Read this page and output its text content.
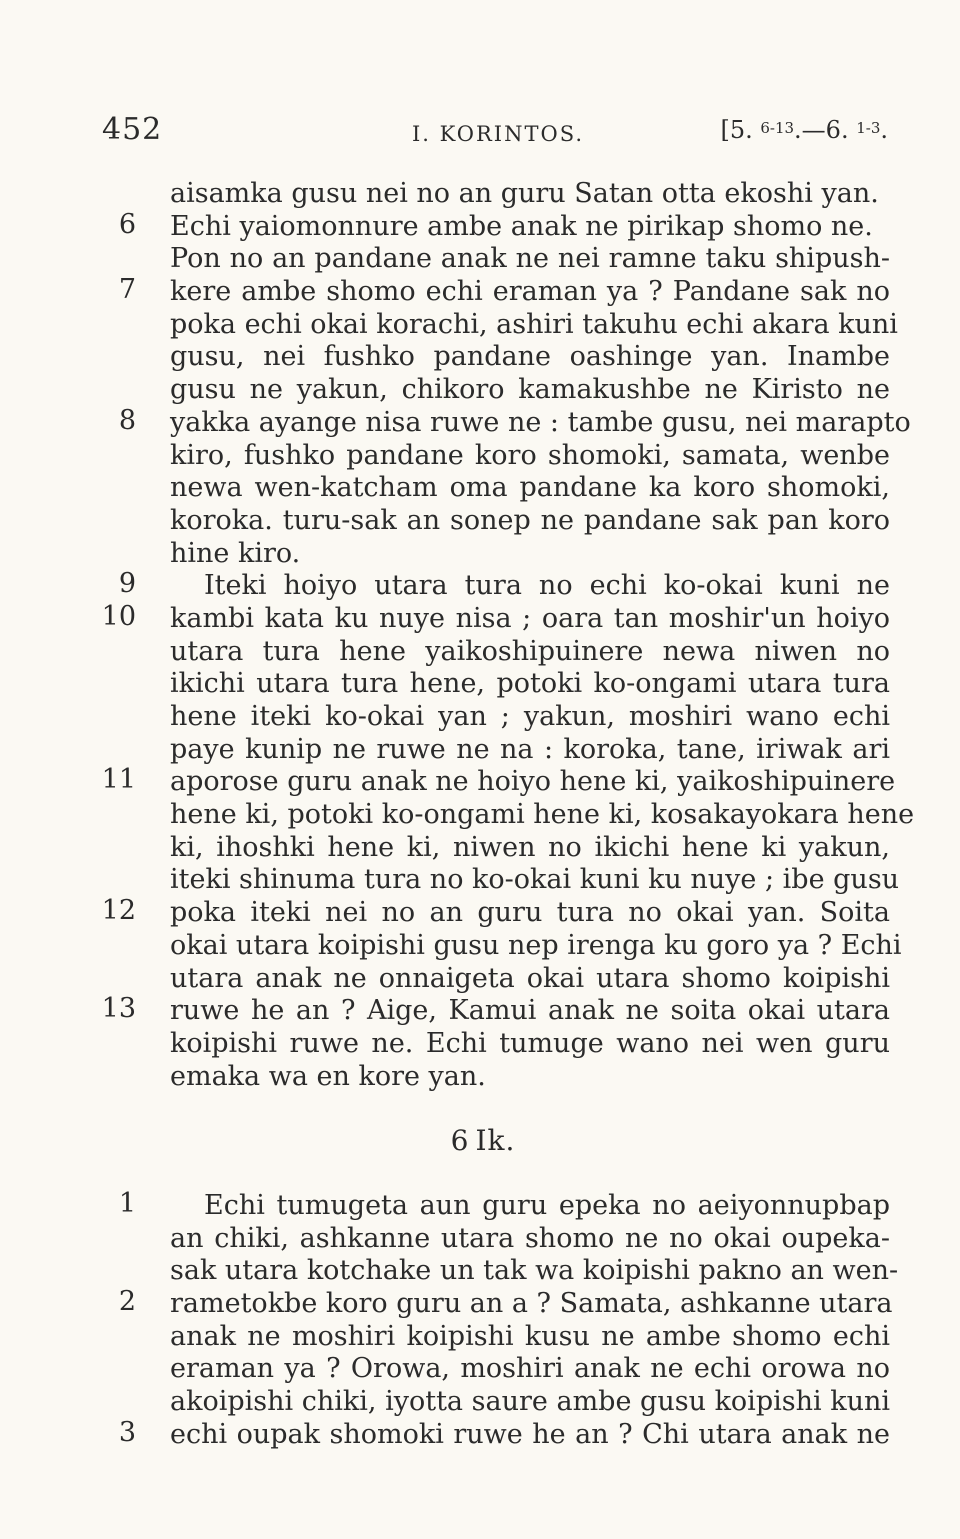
452	I. KORINTOS.	[5. $^{6-13}$.—6. $^{1-3}$.
aisamka gusu nei no an guru Satan otta ekoshi yan.
6 Echi yaiomonnure ambe anak ne pirikap shomo ne.
Pon no an pandane anak ne nei ramne taku shipush-
7 kere ambe shomo echi eraman ya ? Pandane sak no
poka echi okai korachi, ashiri takuhu echi akara kuni
gusu, nei fushko pandane oashinge yan. Inambe
gusu ne yakun, chikoro kamakushbe ne Kiristo ne
8 yakka ayange nisa ruwe ne : tambe gusu, nei marapto
kiro, fushko pandane koro shomoki, samata, wenbe
newa wen-katcham oma pandane ka koro shomoki,
koroka. turu-sak an sonep ne pandane sak pan koro
hine kiro.
9	Iteki hoiyo utara tura no echi ko-okai kuni ne
10 kambi kata ku nuye nisa ; oara tan moshir'un hoiyo
utara tura hene yaikoshipuinere newa niwen no
ikichi utara tura hene, potoki ko-ongami utara tura
hene iteki ko-okai yan ; yakun, moshiri wano echi
paye kunip ne ruwe ne na : koroka, tane, iriwak ari
11 aporose guru anak ne hoiyo hene ki, yaikoshipuinere
hene ki, potoki ko-ongami hene ki, kosakayokara hene
ki, ihoshki hene ki, niwen no ikichi hene ki yakun,
iteki shinuma tura no ko-okai kuni ku nuye ; ibe gusu
12 poka iteki nei no an guru tura no okai yan. Soita
okai utara koipishi gusu nep irenga ku goro ya ? Echi
utara anak ne onnaigeta okai utara shomo koipishi
13 ruwe he an ? Aige, Kamui anak ne soita okai utara
koipishi ruwe ne. Echi tumuge wano nei wen guru
emaka wa en kore yan.
6 Ik.
1	Echi tumugeta aun guru epeka no aeiyonnupbap
an chiki, ashkanne utara shomo ne no okai oupeka-
sak utara kotchake un tak wa koipishi pakno an wen-
2 rametokbe koro guru an a ? Samata, ashkanne utara
anak ne moshiri koipishi kusu ne ambe shomo echi
eraman ya ? Orowa, moshiri anak ne echi orowa no
akoipishi chiki, iyotta saure ambe gusu koipishi kuni
3 echi oupak shomoki ruwe he an ? Chi utara anak ne
